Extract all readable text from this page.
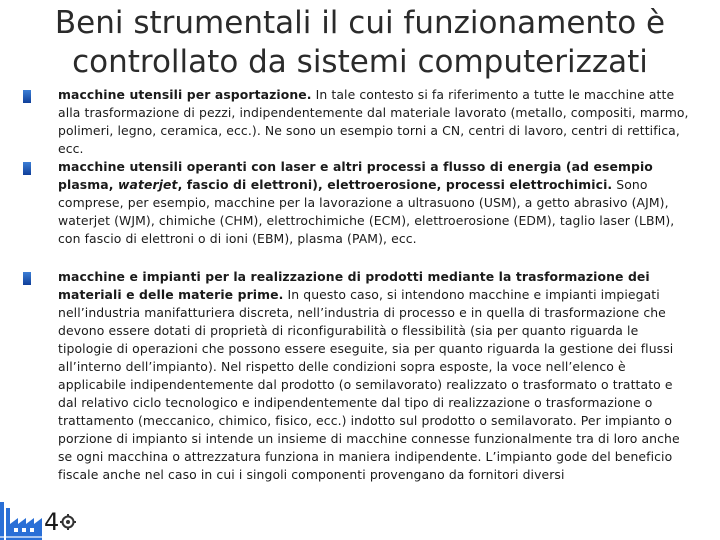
Beni strumentali il cui funzionamento è
controllato da sistemi computerizzati
macchine utensili per asportazione. In tale contesto si fa riferimento a tutte le macchine atte alla trasformazione di pezzi, indipendentemente dal materiale lavorato (metallo, compositi, marmo, polimeri, legno, ceramica, ecc.). Ne sono un esempio torni a CN, centri di lavoro, centri di rettifica, ecc.
macchine utensili operanti con laser e altri processi a flusso di energia (ad esempio plasma, waterjet, fascio di elettroni), elettroerosione, processi elettrochimici. Sono comprese, per esempio, macchine per la lavorazione a ultrasuono (USM), a getto abrasivo (AJM), waterjet (WJM), chimiche (CHM), elettrochimiche (ECM), elettroerosione (EDM), taglio laser (LBM), con fascio di elettroni o di ioni (EBM), plasma (PAM), ecc.
macchine e impianti per la realizzazione di prodotti mediante la trasformazione dei materiali e delle materie prime. In questo caso, si intendono macchine e impianti impiegati nell’industria manifatturiera discreta, nell’industria di processo e in quella di trasformazione che devono essere dotati di proprietà di riconfigurabilità o flessibilità (sia per quanto riguarda le tipologie di operazioni che possono essere eseguite, sia per quanto riguarda la gestione dei flussi all’interno dell’impianto). Nel rispetto delle condizioni sopra esposte, la voce nell’elenco è applicabile indipendentemente dal prodotto (o semilavorato) realizzato o trasformato o trattato e dal relativo ciclo tecnologico e indipendentemente dal tipo di realizzazione o trasformazione o trattamento (meccanico, chimico, fisico, ecc.) indotto sul prodotto o semilavorato. Per impianto o porzione di impianto si intende un insieme di macchine connesse funzionalmente tra di loro anche se ogni macchina o attrezzatura funziona in maniera indipendente. L’impianto gode del beneficio fiscale anche nel caso in cui i singoli componenti provengano da fornitori diversi
4
